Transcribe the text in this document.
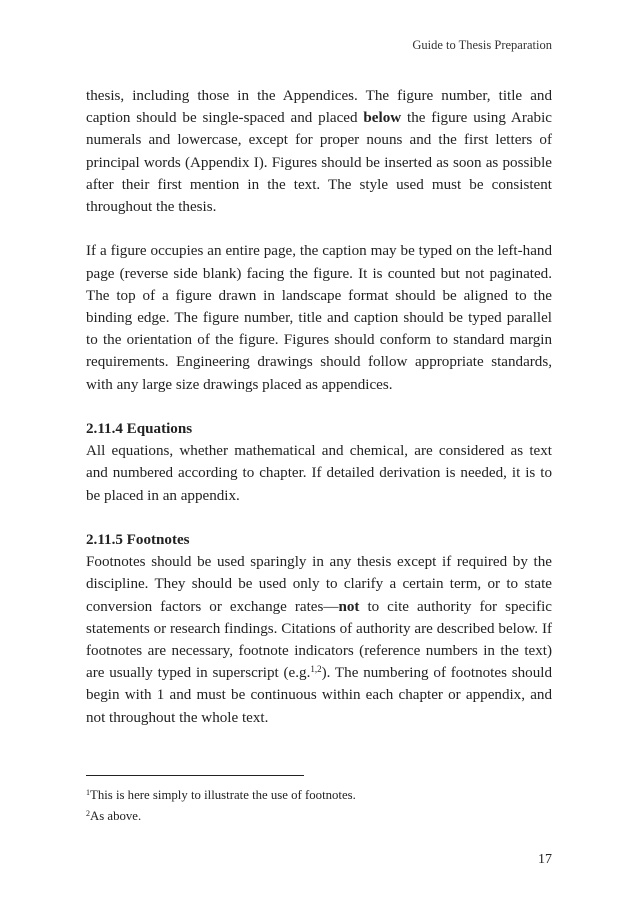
Guide to Thesis Preparation

thesis, including those in the Appendices. The figure number, title and caption should be single-spaced and placed below the figure using Arabic numerals and lowercase, except for proper nouns and the first letters of principal words (Appendix I). Figures should be inserted as soon as possible after their first mention in the text. The style used must be consistent throughout the thesis.

If a figure occupies an entire page, the caption may be typed on the left-hand page (reverse side blank) facing the figure. It is counted but not paginated. The top of a figure drawn in landscape format should be aligned to the binding edge. The figure number, title and caption should be typed parallel to the orientation of the figure. Figures should conform to standard margin requirements. Engineering drawings should follow appropriate standards, with any large size drawings placed as appendices.

2.11.4 Equations

All equations, whether mathematical and chemical, are considered as text and numbered according to chapter. If detailed derivation is needed, it is to be placed in an appendix.

2.11.5 Footnotes

Footnotes should be used sparingly in any thesis except if required by the discipline. They should be used only to clarify a certain term, or to state conversion factors or exchange rates—not to cite authority for specific statements or research findings. Citations of authority are described below. If footnotes are necessary, footnote indicators (reference numbers in the text) are usually typed in superscript (e.g.$^{1,2}$). The numbering of footnotes should begin with 1 and must be continuous within each chapter or appendix, and not throughout the whole text.

$^1$This is here simply to illustrate the use of footnotes.

$^2$As above.

17
